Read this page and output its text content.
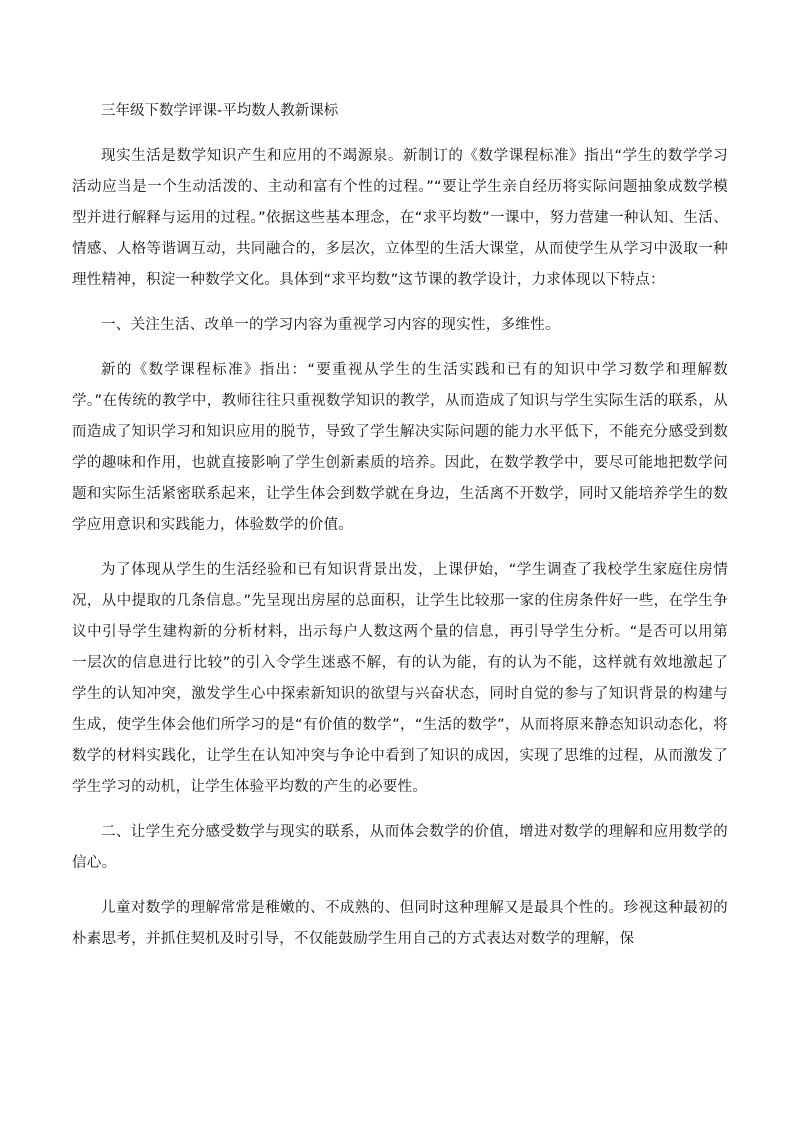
三年级下数学评课-平均数人教新课标

现实生活是数学知识产生和应用的不竭源泉。新制订的《数学课程标准》指出“学生的数学学习活动应当是一个生动活泼的、主动和富有个性的过程。”“要让学生亲自经历将实际问题抽象成数学模型并进行解释与运用的过程。”依据这些基本理念，在“求平均数”一课中，努力营建一种认知、生活、情感、人格等谐调互动，共同融合的，多层次，立体型的生活大课堂，从而使学生从学习中汲取一种理性精神，积淀一种数学文化。具体到“求平均数”这节课的教学设计，力求体现以下特点：

一、关注生活、改单一的学习内容为重视学习内容的现实性，多维性。

新的《数学课程标准》指出：“要重视从学生的生活实践和已有的知识中学习数学和理解数学。”在传统的教学中，教师往往只重视数学知识的教学，从而造成了知识与学生实际生活的联系，从而造成了知识学习和知识应用的脱节，导致了学生解决实际问题的能力水平低下，不能充分感受到数学的趣味和作用，也就直接影响了学生创新素质的培养。因此，在数学教学中，要尽可能地把数学问题和实际生活紧密联系起来，让学生体会到数学就在身边，生活离不开数学，同时又能培养学生的数学应用意识和实践能力，体验数学的价值。

为了体现从学生的生活经验和已有知识背景出发，上课伊始，“学生调查了我校学生家庭住房情况，从中提取的几条信息。”先呈现出房屋的总面积，让学生比较那一家的住房条件好一些，在学生争议中引导学生建构新的分析材料，出示每户人数这两个量的信息，再引导学生分析。“是否可以用第一层次的信息进行比较”的引入令学生迷惑不解，有的认为能，有的认为不能，这样就有效地激起了学生的认知冲突，激发学生心中探索新知识的欲望与兴奋状态，同时自觉的参与了知识背景的构建与生成，使学生体会他们所学习的是“有价值的数学”，“生活的数学”，从而将原来静态知识动态化，将数学的材料实践化，让学生在认知冲突与争论中看到了知识的成因，实现了思维的过程，从而激发了学生学习的动机，让学生体验平均数的产生的必要性。

二、让学生充分感受数学与现实的联系，从而体会数学的价值，增进对数学的理解和应用数学的信心。

儿童对数学的理解常常是稚嫩的、不成熟的、但同时这种理解又是最具个性的。珍视这种最初的朴素思考，并抓住契机及时引导，不仅能鼓励学生用自己的方式表达对数学的理解，保
